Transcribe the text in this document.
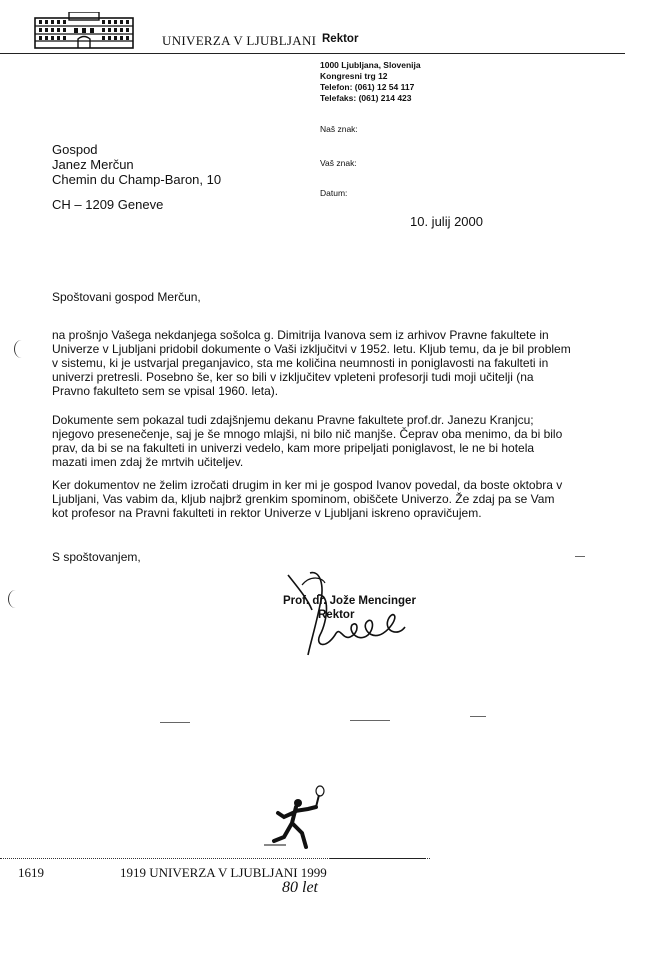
UNIVERZA V LJUBLJANI Rektor
1000 Ljubljana, Slovenija
Kongresni trg 12
Telefon: (061) 12 54 117
Telefaks: (061) 214 423
Naš znak:
Vaš znak:
Datum:
Gospod
Janez Merčun
Chemin du Champ-Baron, 10
CH – 1209 Geneve
10. julij 2000
Spoštovani gospod Merčun,

na prošnjo Vašega nekdanjega sošolca g. Dimitrija Ivanova sem iz arhivov Pravne fakultete in Univerze v Ljubljani pridobil dokumente o Vaši izključitvi v 1952. letu. Kljub temu, da je bil problem v sistemu, ki je ustvarjal preganjavico, sta me količina neumnosti in poniglavosti na fakulteti in univerzi pretresli. Posebno še, ker so bili v izključitev vpleteni profesorji tudi moji učitelji (na Pravno fakulteto sem se vpisal 1960. leta).

Dokumente sem pokazal tudi zdajšnjemu dekanu Pravne fakultete prof.dr. Janezu Kranjcu; njegovo presenečenje, saj je še mnogo mlajši, ni bilo nič manjše. Čeprav oba menimo, da bi bilo prav, da bi se na fakulteti in univerzi vedelo, kam more pripeljati poniglavost, le ne bi hotela mazati imen zdaj že mrtvih učiteljev.

Ker dokumentov ne želim izročati drugim in ker mi je gospod Ivanov povedal, da boste oktobra v Ljubljani, Vas vabim da, kljub najbrž grenkim spominom, obiščete Univerzo. Že zdaj pa se Vam kot profesor na Pravni fakulteti in rektor Univerze v Ljubljani iskreno opravičujem.

S spoštovanjem,
Prof. dr. Jože Mencinger
Rektor
1619	1919 UNIVERZA V LJUBLJANI 1999
80 let
